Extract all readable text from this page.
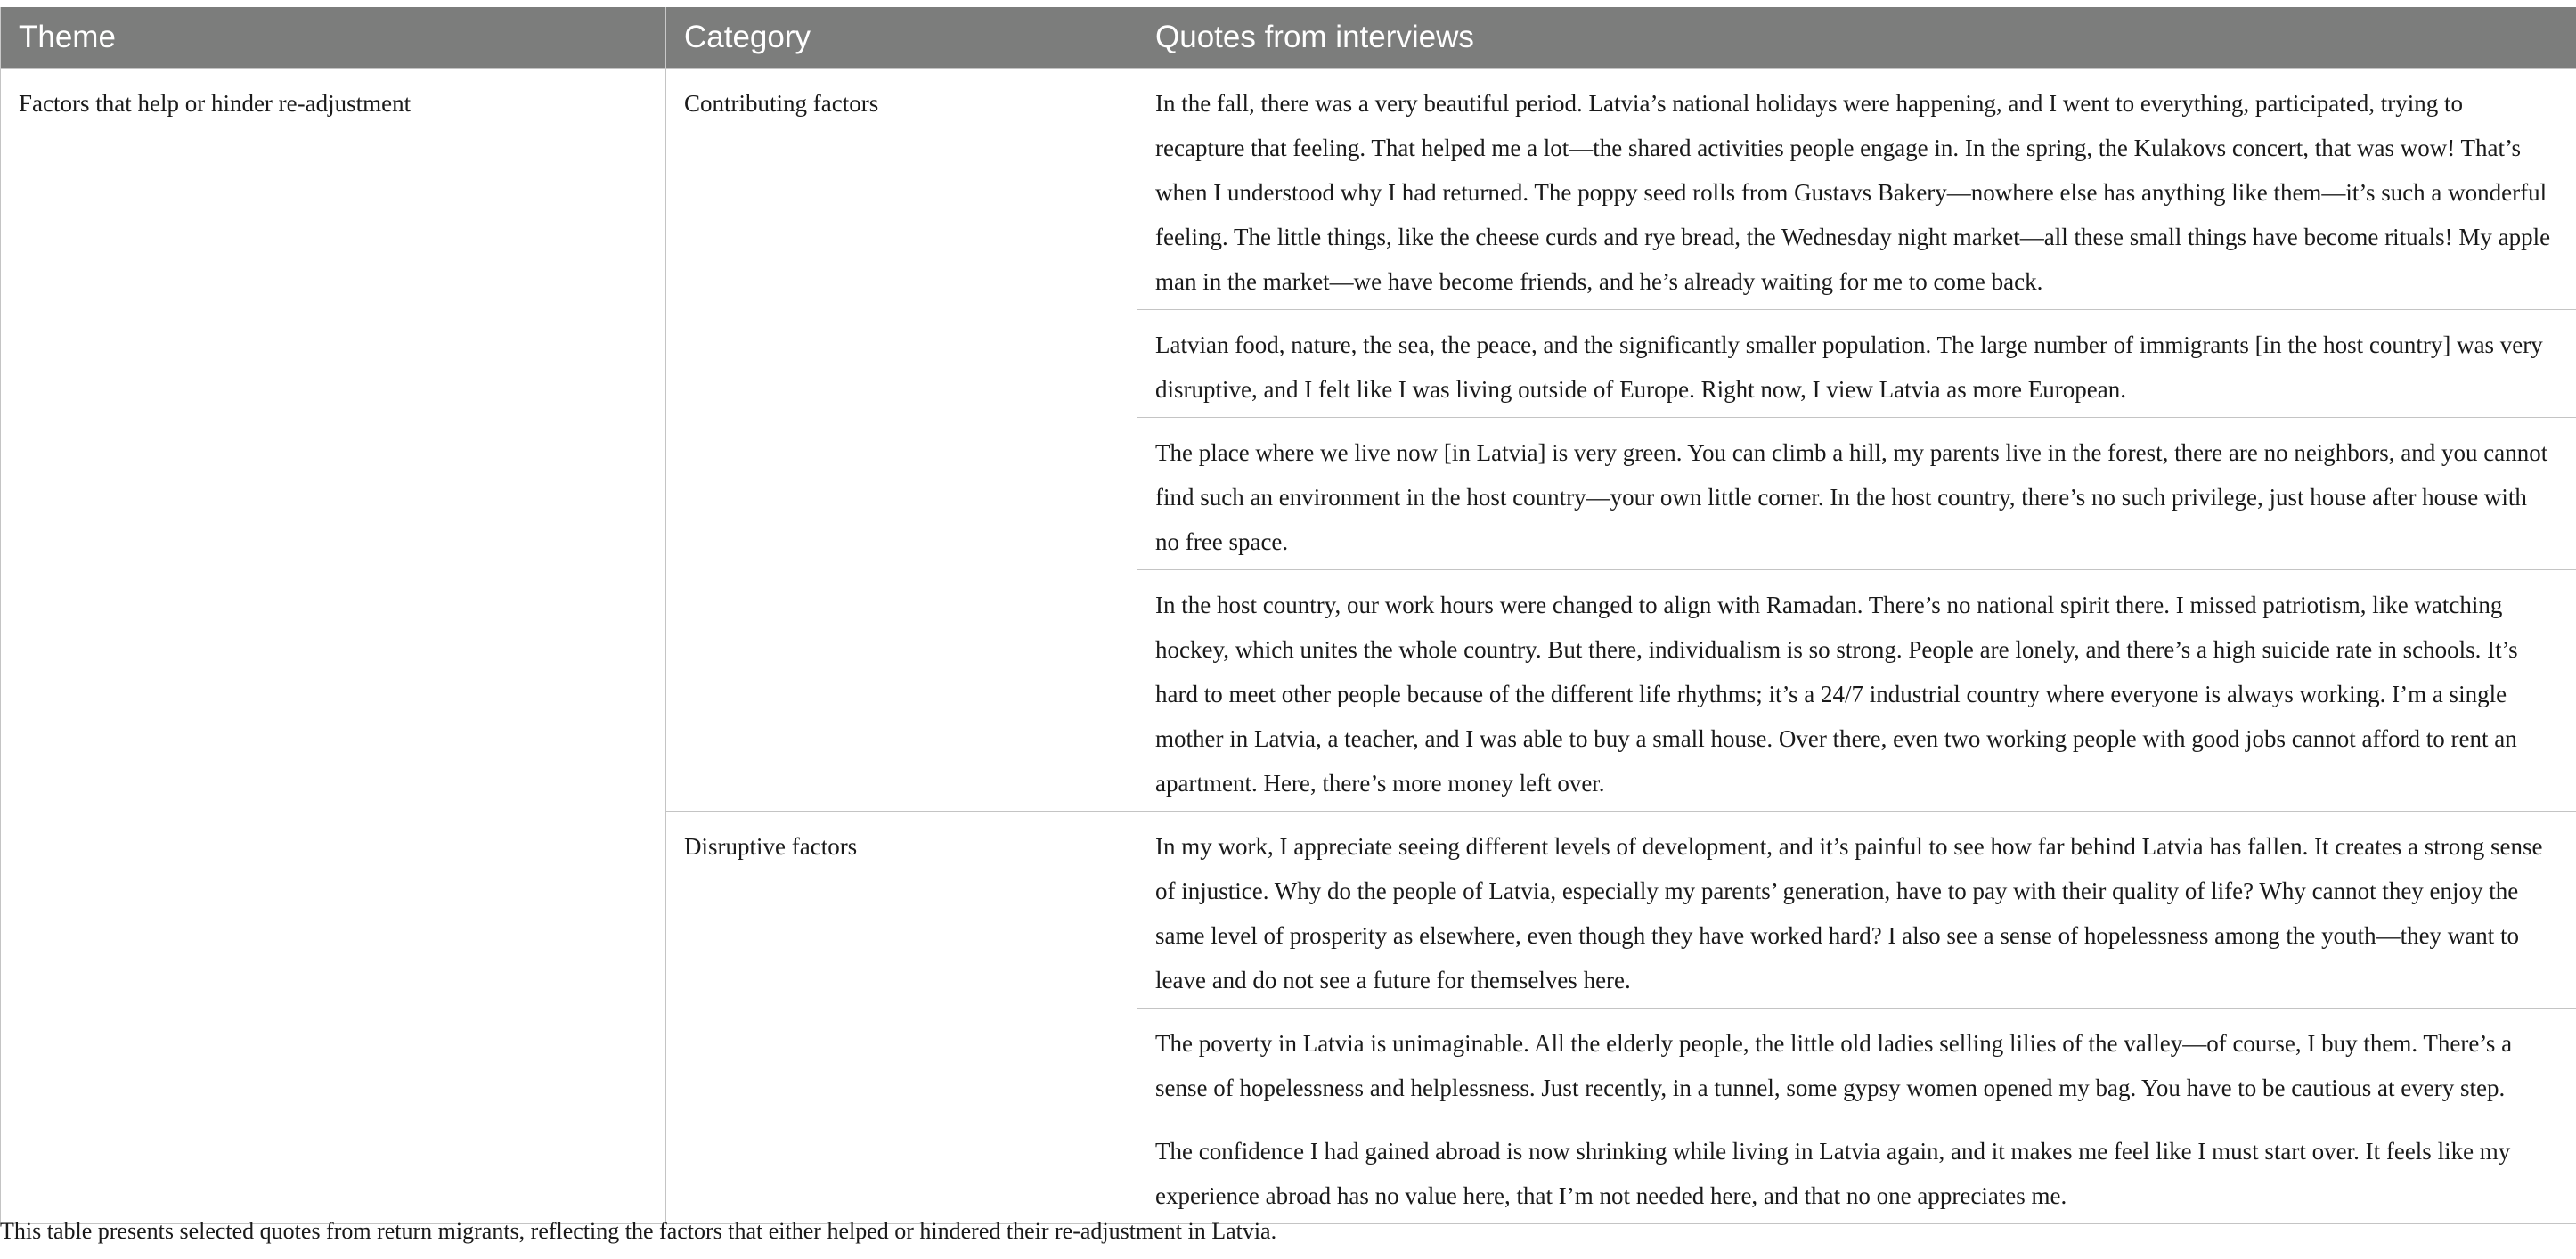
Theme	Category	Quotes from interviews
Factors that help or hinder re-adjustment	Contributing factors	In the fall, there was a very beautiful period. Latvia’s national holidays were happening, and I went to everything, participated, trying to recapture that feeling. That helped me a lot—the shared activities people engage in. In the spring, the Kulakovs concert, that was wow! That’s when I understood why I had returned. The poppy seed rolls from Gustavs Bakery—nowhere else has anything like them—it’s such a wonderful feeling. The little things, like the cheese curds and rye bread, the Wednesday night market—all these small things have become rituals! My apple man in the market—we have become friends, and he’s already waiting for me to come back.
		Latvian food, nature, the sea, the peace, and the significantly smaller population. The large number of immigrants [in the host country] was very disruptive, and I felt like I was living outside of Europe. Right now, I view Latvia as more European.
		The place where we live now [in Latvia] is very green. You can climb a hill, my parents live in the forest, there are no neighbors, and you cannot find such an environment in the host country—your own little corner. In the host country, there’s no such privilege, just house after house with no free space.
		In the host country, our work hours were changed to align with Ramadan. There’s no national spirit there. I missed patriotism, like watching hockey, which unites the whole country. But there, individualism is so strong. People are lonely, and there’s a high suicide rate in schools. It’s hard to meet other people because of the different life rhythms; it’s a 24/7 industrial country where everyone is always working. I’m a single mother in Latvia, a teacher, and I was able to buy a small house. Over there, even two working people with good jobs cannot afford to rent an apartment. Here, there’s more money left over.
	Disruptive factors	In my work, I appreciate seeing different levels of development, and it’s painful to see how far behind Latvia has fallen. It creates a strong sense of injustice. Why do the people of Latvia, especially my parents’ generation, have to pay with their quality of life? Why cannot they enjoy the same level of prosperity as elsewhere, even though they have worked hard? I also see a sense of hopelessness among the youth—they want to leave and do not see a future for themselves here.
		The poverty in Latvia is unimaginable. All the elderly people, the little old ladies selling lilies of the valley—of course, I buy them. There’s a sense of hopelessness and helplessness. Just recently, in a tunnel, some gypsy women opened my bag. You have to be cautious at every step.
		The confidence I had gained abroad is now shrinking while living in Latvia again, and it makes me feel like I must start over. It feels like my experience abroad has no value here, that I’m not needed here, and that no one appreciates me.
This table presents selected quotes from return migrants, reflecting the factors that either helped or hindered their re-adjustment in Latvia.
